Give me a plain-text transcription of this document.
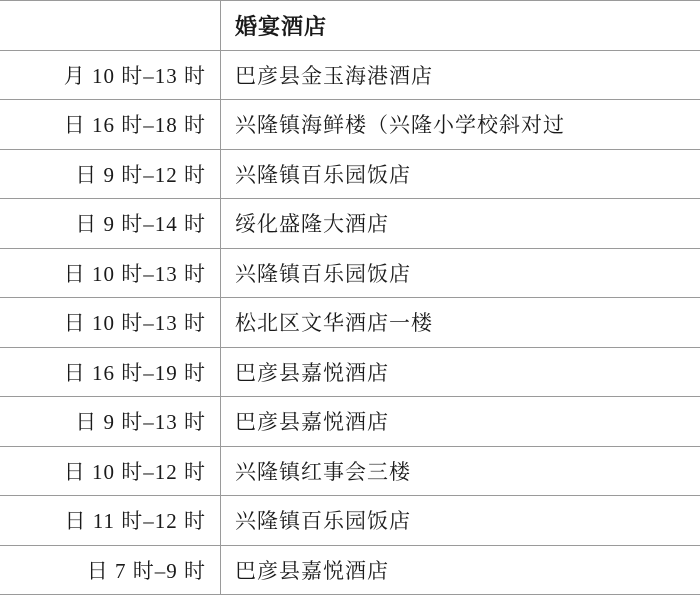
	婚宴酒店
月 10 时–13 时	巴彦县金玉海港酒店
日 16 时–18 时	兴隆镇海鲜楼（兴隆小学校斜对过
日 9 时–12 时	兴隆镇百乐园饭店
日 9 时–14 时	绥化盛隆大酒店
日 10 时–13 时	兴隆镇百乐园饭店
日 10 时–13 时	松北区文华酒店一楼
日 16 时–19 时	巴彦县嘉悦酒店
日 9 时–13 时	巴彦县嘉悦酒店
日 10 时–12 时	兴隆镇红事会三楼
日 11 时–12 时	兴隆镇百乐园饭店
日 7 时–9 时	巴彦县嘉悦酒店
